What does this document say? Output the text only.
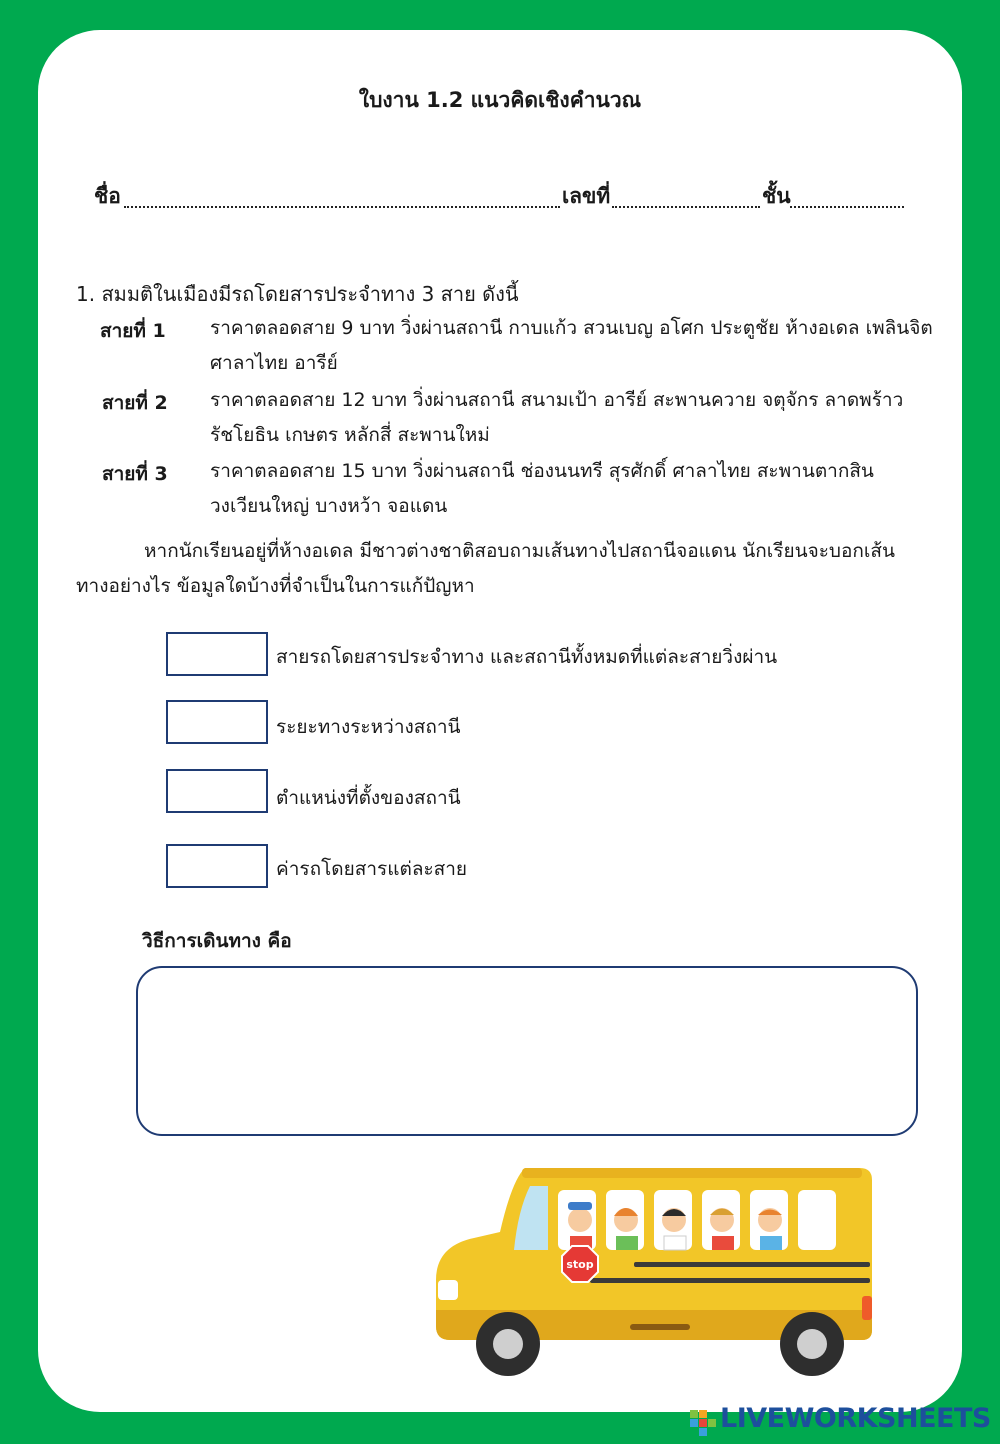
ใบงาน 1.2 แนวคิดเชิงคำนวณ
ชื่อ	เลขที่	ชั้น
1. สมมติในเมืองมีรถโดยสารประจำทาง 3 สาย ดังนี้
สายที่ 1 ราคาตลอดสาย 9 บาท วิ่งผ่านสถานี กาบแก้ว สวนเบญ อโศก ประตูชัย ห้างอเดล เพลินจิต
ศาลาไทย อารีย์
สายที่ 2 ราคาตลอดสาย 12 บาท วิ่งผ่านสถานี สนามเป้า อารีย์ สะพานควาย จตุจักร ลาดพร้าว
รัชโยธิน เกษตร หลักสี่ สะพานใหม่
สายที่ 3 ราคาตลอดสาย 15 บาท วิ่งผ่านสถานี ช่องนนทรี สุรศักดิ์ ศาลาไทย สะพานตากสิน
วงเวียนใหญ่ บางหว้า จอแดน
หากนักเรียนอยู่ที่ห้างอเดล มีชาวต่างชาติสอบถามเส้นทางไปสถานีจอแดน นักเรียนจะบอกเส้นทางอย่างไร ข้อมูลใดบ้างที่จำเป็นในการแก้ปัญหา
สายรถโดยสารประจำทาง และสถานีทั้งหมดที่แต่ละสายวิ่งผ่าน
ระยะทางระหว่างสถานี
ตำแหน่งที่ตั้งของสถานี
ค่ารถโดยสารแต่ละสาย
วิธีการเดินทาง คือ
stop
LIVEWORKSHEETS
